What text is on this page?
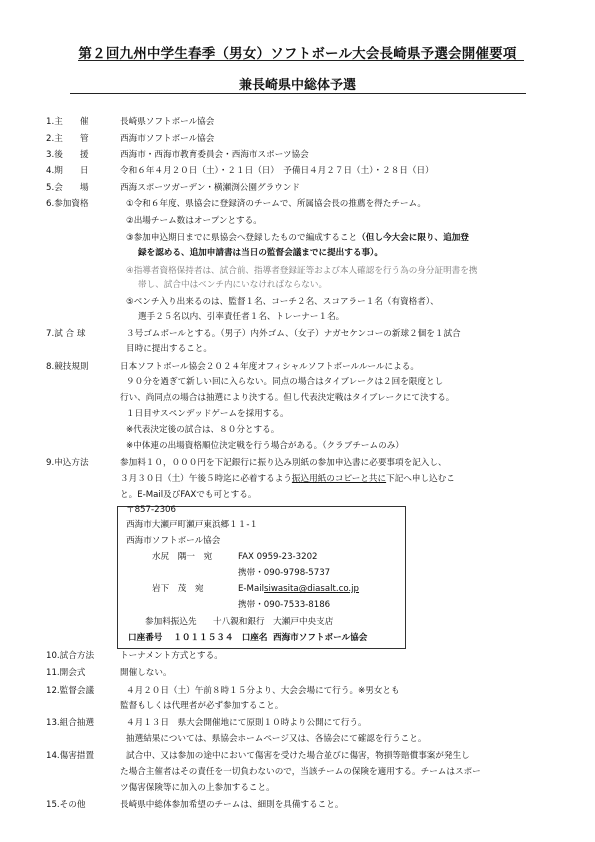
第２回九州中学生春季（男女）ソフトボール大会長崎県予選会開催要項
兼長崎県中総体予選
1.主　　催	長崎県ソフトボール協会
2.主　　管	西海市ソフトボール協会
3.後　　援	西海市・西海市教育委員会・西海市スポーツ協会
4.期　　日	令和６年４月２０日（土）・２１日（日）　予備日４月２７日（土）・２８日（日）
5.会　　場	西海スポーツガーデン・横瀬渕公園グラウンド
6.参加資格	①令和６年度、県協会に登録済のチームで、所属協会長の推薦を得たチーム。
②出場チーム数はオープンとする。
③参加申込期日までに県協会へ登録したもので編成すること（但し今大会に限り、追加登
録を認める、追加申請書は当日の監督会議までに提出する事）。
④指導者資格保持者は、試合前、指導者登録証等および本人確認を行う為の身分証明書を携
帯し、試合中はベンチ内にいなければならない。
⑤ベンチ入り出来るのは、監督１名、コーチ２名、スコアラー１名（有資格者）、
選手２５名以内、引率責任者１名、トレーナー１名。
7.試 合 球	３号ゴムボールとする。（男子）内外ゴム、（女子）ナガセケンコーの新球２個を１試合
目時に提出すること。
8.競技規則	日本ソフトボール協会２０２４年度オフィシャルソフトボールルールによる。
９０分を過ぎて新しい回に入らない。同点の場合はタイブレークは２回を限度とし
行い、尚同点の場合は抽選により決する。但し代表決定戦はタイブレークにて決する。
１日目サスペンデッドゲームを採用する。
※代表決定後の試合は、８０分とする。
※中体連の出場資格順位決定戦を行う場合がある。（クラブチームのみ）
9.申込方法	参加料１０，０００円を下記銀行に振り込み別紙の参加申込書に必要事項を記入し、
３月３０日（土）午後５時迄に必着するよう振込用紙のコピーと共に下記へ申し込むこ
と。E-Mail及びFAXでも可とする。
〒857-2306
西海市大瀬戸町瀬戸東浜郷１１-１
西海市ソフトボール協会
水尻　隅一　宛	FAX 0959-23-3202
携帯・090-9798-5737
岩下　茂　宛	E-Mailsiwasita@diasalt.co.jp
携帯・090-7533-8186
参加料振込先 十八親和銀行　大瀬戸中央支店
口座番号 １０１１５３４ 口座名 西海市ソフトボール協会
10.試合方法	トーナメント方式とする。
11.開会式	開催しない。
12.監督会議	４月２０日（土）午前８時１５分より、大会会場にて行う。※男女とも
監督もしくは代理者が必ず参加すること。
13.組合抽選	４月１３日　県大会開催地にて原則１０時より公開にて行う。
抽選結果については、県協会ホームページ又は、各協会にて確認を行うこと。
14.傷害措置	試合中、又は参加の途中において傷害を受けた場合並びに傷害，物損等賠償事案が発生し
た場合主催者はその責任を一切負わないので，当該チームの保険を適用する。チームはスポー
ツ傷害保険等に加入の上参加すること。
15.その他	長崎県中総体参加希望のチームは、細則を具備すること。
